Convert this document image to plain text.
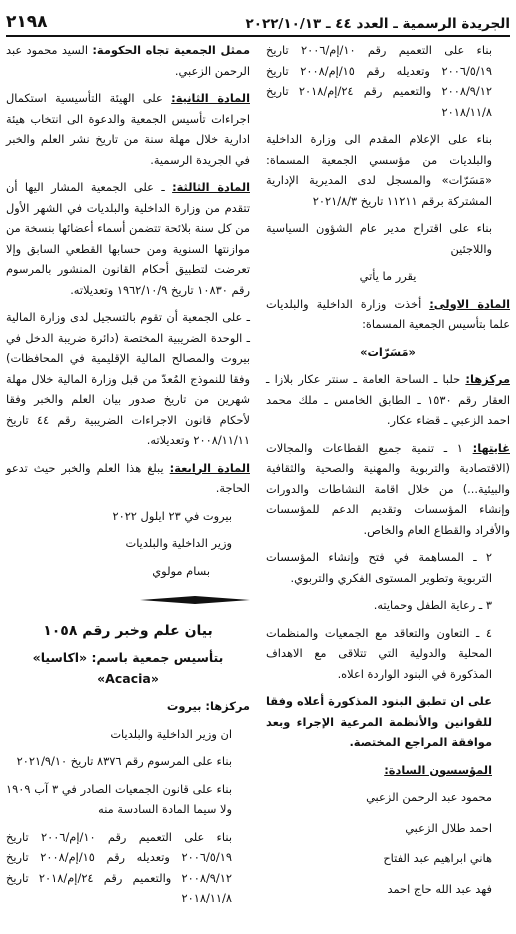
٢١٩٨	الجريدة الرسمية ـ العدد ٤٤ ـ ٢٠٢٢/١٠/١٣

بناء على التعميم رقم ١٠/إم/٢٠٠٦ تاريخ ٢٠٠٦/٥/١٩ وتعديله رقم ١٥/إم/٢٠٠٨ تاريخ ٢٠٠٨/٩/١٢ والتعميم رقم ٢٤/إم/٢٠١٨ تاريخ ٢٠١٨/١١/٨

بناء على الإعلام المقدم الى وزارة الداخلية والبلديات من مؤسسي الجمعية المسماة: «مَسَرّات» والمسجل لدى المديرية الإدارية المشتركة برقم ١١٢١١ تاريخ ٢٠٢١/٨/٣

بناء على اقتراح مدير عام الشؤون السياسية واللاجئين

يقرر ما يأتي

المادة الاولى: أخذت وزارة الداخلية والبلديات علما بتأسيس الجمعية المسماة:

«مَسَرّات»

مركزها: حلبا ـ الساحة العامة ـ سنتر عكار بلازا ـ العقار رقم ١٥٣٠ ـ الطابق الخامس ـ ملك محمد احمد الزعبي ـ قضاء عكار.

غايتها: ١ ـ تنمية جميع القطاعات والمجالات (الاقتصادية والتربوية والمهنية والصحية والثقافية والبيئية...) من خلال اقامة النشاطات والدورات وإنشاء المؤسسات وتقديم الدعم للمؤسسات والأفراد والقطاع العام والخاص.

٢ ـ المساهمة في فتح وإنشاء المؤسسات التربوية وتطوير المستوى الفكري والتربوي.

٣ ـ رعاية الطفل وحمايته.

٤ ـ التعاون والتعاقد مع الجمعيات والمنظمات المحلية والدولية التي تتلاقى مع الاهداف المذكورة في البنود الواردة اعلاه.

على ان تطبق البنود المذكورة أعلاه وفقا للقوانين والأنظمة المرعية الإجراء وبعد موافقة المراجع المختصة.

المؤسسون السادة:

محمود عبد الرحمن الزعبي

احمد طلال الزعبي

هاني ابراهيم عبد الفتاح

فهد عبد الله حاج احمد

ممثل الجمعية تجاه الحكومة: السيد محمود عبد الرحمن الزعبي.

المادة الثانية: على الهيئة التأسيسية استكمال اجراءات تأسيس الجمعية والدعوة الى انتخاب هيئة ادارية خلال مهلة سنة من تاريخ نشر العلم والخبر في الجريدة الرسمية.

المادة الثالثة: ـ على الجمعية المشار اليها أن تتقدم من وزارة الداخلية والبلديات في الشهر الأول من كل سنة بلائحة تتضمن أسماء أعضائها بنسخة من موازنتها السنوية ومن حسابها القطعي السابق وإلا تعرضت لتطبيق أحكام القانون المنشور بالمرسوم رقم ١٠٨٣٠ تاريخ ١٩٦٢/١٠/٩ وتعديلاته.

ـ على الجمعية أن تقوم بالتسجيل لدى وزارة المالية ـ الوحدة الضريبية المختصة (دائرة ضريبة الدخل في بيروت والمصالح المالية الإقليمية في المحافظات) وفقا للنموذج المُعدّ من قبل وزارة المالية خلال مهلة شهرين من تاريخ صدور بيان العلم والخبر وفقا لأحكام قانون الاجراءات الضريبية رقم ٤٤ تاريخ ٢٠٠٨/١١/١١ وتعديلاته.

المادة الرابعة: يبلغ هذا العلم والخبر حيث تدعو الحاجة.

بيروت في ٢٣ ايلول ٢٠٢٢

وزير الداخلية والبلديات

بسام مولوي

بيان علم وخبر رقم ١٠٥٨

بتأسيس جمعية باسم: «اكاسيا» «Acacia»

مركزها: بيروت

ان وزير الداخلية والبلديات

بناء على المرسوم رقم ٨٣٧٦ تاريخ ٢٠٢١/٩/١٠

بناء على قانون الجمعيات الصادر في ٣ آب ١٩٠٩ ولا سيما المادة السادسة منه

بناء على التعميم رقم ١٠/إم/٢٠٠٦ تاريخ ٢٠٠٦/٥/١٩ وتعديله رقم ١٥/إم/٢٠٠٨ تاريخ ٢٠٠٨/٩/١٢ والتعميم رقم ٢٤/إم/٢٠١٨ تاريخ ٢٠١٨/١١/٨
